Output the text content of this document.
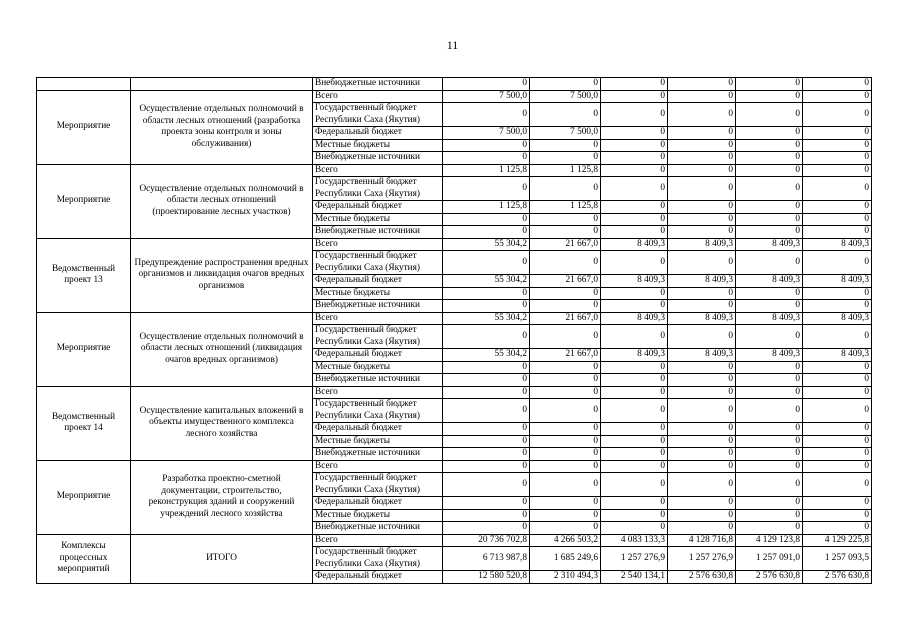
11
		Внебюджетные источники	0	0	0	0	0	0
Мероприятие	Осуществление отдельных полномочий в области лесных отношений (разработка проекта зоны контроля и зоны обслуживания)	Всего	7 500,0	7 500,0	0	0	0	0
		Государственный бюджет Республики Саха (Якутия)	0	0	0	0	0	0
		Федеральный бюджет	7 500,0	7 500,0	0	0	0	0
		Местные бюджеты	0	0	0	0	0	0
		Внебюджетные источники	0	0	0	0	0	0
Мероприятие	Осуществление отдельных полномочий в области лесных отношений (проектирование лесных участков)	Всего	1 125,8	1 125,8	0	0	0	0
		Государственный бюджет Республики Саха (Якутия)	0	0	0	0	0	0
		Федеральный бюджет	1 125,8	1 125,8	0	0	0	0
		Местные бюджеты	0	0	0	0	0	0
		Внебюджетные источники	0	0	0	0	0	0
Ведомственный проект 13	Предупреждение распространения вредных организмов и ликвидация очагов вредных организмов	Всего	55 304,2	21 667,0	8 409,3	8 409,3	8 409,3	8 409,3
		Государственный бюджет Республики Саха (Якутия)	0	0	0	0	0	0
		Федеральный бюджет	55 304,2	21 667,0	8 409,3	8 409,3	8 409,3	8 409,3
		Местные бюджеты	0	0	0	0	0	0
		Внебюджетные источники	0	0	0	0	0	0
Мероприятие	Осуществление отдельных полномочий в области лесных отношений (ликвидация очагов вредных организмов)	Всего	55 304,2	21 667,0	8 409,3	8 409,3	8 409,3	8 409,3
		Государственный бюджет Республики Саха (Якутия)	0	0	0	0	0	0
		Федеральный бюджет	55 304,2	21 667,0	8 409,3	8 409,3	8 409,3	8 409,3
		Местные бюджеты	0	0	0	0	0	0
		Внебюджетные источники	0	0	0	0	0	0
Ведомственный проект 14	Осуществление капитальных вложений в объекты имущественного комплекса лесного хозяйства	Всего	0	0	0	0	0	0
		Государственный бюджет Республики Саха (Якутия)	0	0	0	0	0	0
		Федеральный бюджет	0	0	0	0	0	0
		Местные бюджеты	0	0	0	0	0	0
		Внебюджетные источники	0	0	0	0	0	0
Мероприятие	Разработка проектно-сметной документации, строительство, реконструкция зданий и сооружений учреждений лесного хозяйства	Всего	0	0	0	0	0	0
		Государственный бюджет Республики Саха (Якутия)	0	0	0	0	0	0
		Федеральный бюджет	0	0	0	0	0	0
		Местные бюджеты	0	0	0	0	0	0
		Внебюджетные источники	0	0	0	0	0	0
Комплексы процессных мероприятий	ИТОГО	Всего	20 736 702,8	4 266 503,2	4 083 133,3	4 128 716,8	4 129 123,8	4 129 225,8
		Государственный бюджет Республики Саха (Якутия)	6 713 987,8	1 685 249,6	1 257 276,9	1 257 276,9	1 257 091,0	1 257 093,5
		Федеральный бюджет	12 580 520,8	2 310 494,3	2 540 134,1	2 576 630,8	2 576 630,8	2 576 630,8
